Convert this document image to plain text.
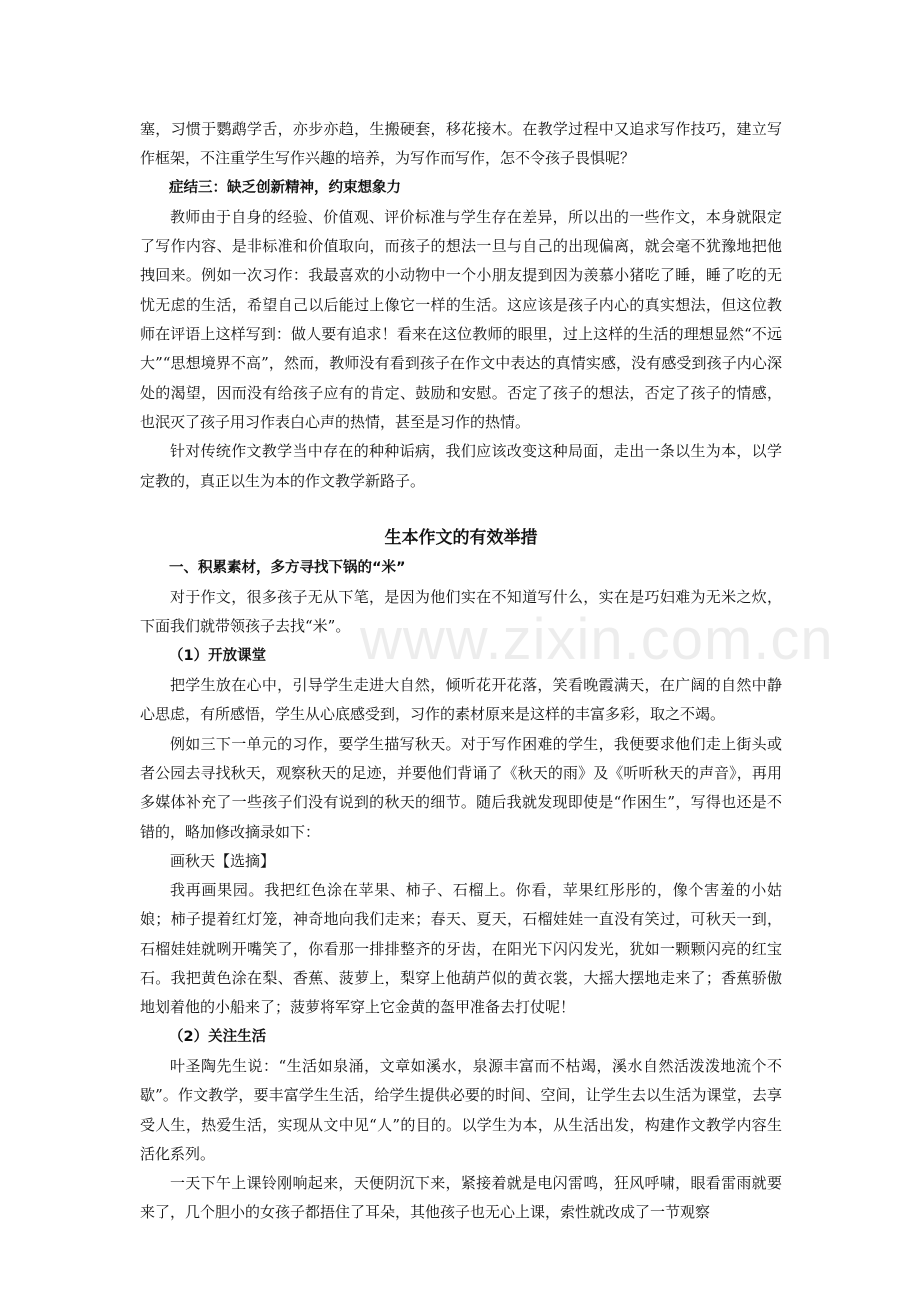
www.zixin.com.cn

塞，习惯于鹦鹉学舌，亦步亦趋，生搬硬套，移花接木。在教学过程中又追求写作技巧，建立写作框架，不注重学生写作兴趣的培养，为写作而写作，怎不令孩子畏惧呢？

症结三：缺乏创新精神，约束想象力

教师由于自身的经验、价值观、评价标准与学生存在差异，所以出的一些作文，本身就限定了写作内容、是非标准和价值取向，而孩子的想法一旦与自己的出现偏离，就会毫不犹豫地把他拽回来。例如一次习作：我最喜欢的小动物中一个小朋友提到因为羡慕小猪吃了睡，睡了吃的无忧无虑的生活，希望自己以后能过上像它一样的生活。这应该是孩子内心的真实想法，但这位教师在评语上这样写到：做人要有追求！看来在这位教师的眼里，过上这样的生活的理想显然“不远大”“思想境界不高”，然而，教师没有看到孩子在作文中表达的真情实感，没有感受到孩子内心深处的渴望，因而没有给孩子应有的肯定、鼓励和安慰。否定了孩子的想法，否定了孩子的情感，也泯灭了孩子用习作表白心声的热情，甚至是习作的热情。

针对传统作文教学当中存在的种种诟病，我们应该改变这种局面，走出一条以生为本，以学定教的，真正以生为本的作文教学新路子。

生本作文的有效举措

一、积累素材，多方寻找下锅的“米”

对于作文，很多孩子无从下笔，是因为他们实在不知道写什么，实在是巧妇难为无米之炊，下面我们就带领孩子去找“米”。

（1）开放课堂

把学生放在心中，引导学生走进大自然，倾听花开花落，笑看晚霞满天，在广阔的自然中静心思虑，有所感悟，学生从心底感受到，习作的素材原来是这样的丰富多彩，取之不竭。

例如三下一单元的习作，要学生描写秋天。对于写作困难的学生，我便要求他们走上街头或者公园去寻找秋天，观察秋天的足迹，并要他们背诵了《秋天的雨》及《听听秋天的声音》，再用多媒体补充了一些孩子们没有说到的秋天的细节。随后我就发现即使是“作困生”，写得也还是不错的，略加修改摘录如下：

画秋天【选摘】

我再画果园。我把红色涂在苹果、柿子、石榴上。你看，苹果红彤彤的，像个害羞的小姑娘；柿子提着红灯笼，神奇地向我们走来；春天、夏天，石榴娃娃一直没有笑过，可秋天一到，石榴娃娃就咧开嘴笑了，你看那一排排整齐的牙齿，在阳光下闪闪发光，犹如一颗颗闪亮的红宝石。我把黄色涂在梨、香蕉、菠萝上，梨穿上他葫芦似的黄衣裳，大摇大摆地走来了；香蕉骄傲地划着他的小船来了；菠萝将军穿上它金黄的盔甲准备去打仗呢！

（2）关注生活

叶圣陶先生说：“生活如泉涌，文章如溪水，泉源丰富而不枯竭，溪水自然活泼泼地流个不歇”。作文教学，要丰富学生生活，给学生提供必要的时间、空间，让学生去以生活为课堂，去享受人生，热爱生活，实现从文中见“人”的目的。以学生为本，从生活出发，构建作文教学内容生活化系列。

一天下午上课铃刚响起来，天便阴沉下来，紧接着就是电闪雷鸣，狂风呼啸，眼看雷雨就要来了，几个胆小的女孩子都捂住了耳朵，其他孩子也无心上课，索性就改成了一节观察
